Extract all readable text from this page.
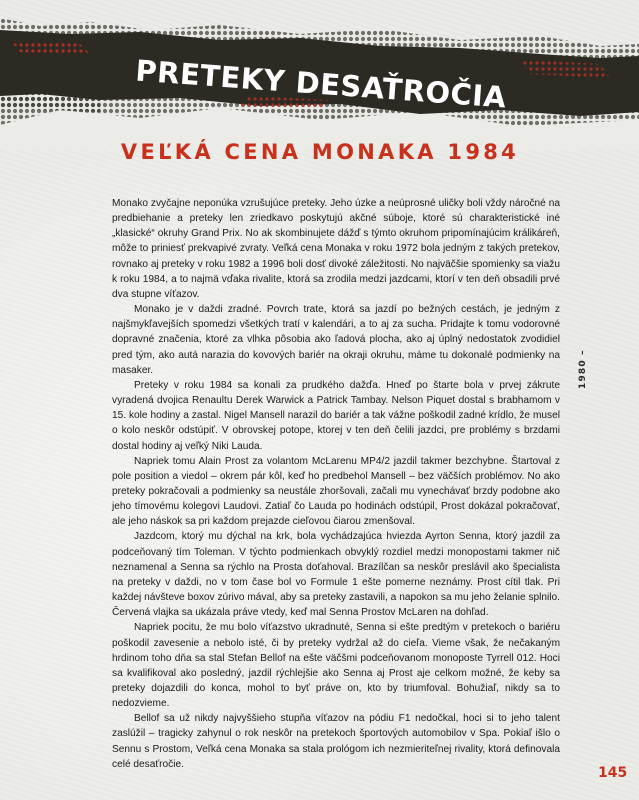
PRETEKY DESAŤROČIA
VEĽKÁ CENA MONAKA 1984

Monako zvyčajne neponúka vzrušujúce preteky. Jeho úzke a neúprosné uličky boli vždy náročné na predbiehanie a preteky len zriedkavo poskytujú akčné súboje, ktoré sú charakteristické iné „klasické“ okruhy Grand Prix. No ak skombinujete dážď s týmto okruhom pripomínajúcim králikáreň, môže to priniesť prekvapivé zvraty. Veľká cena Monaka v roku 1972 bola jedným z takých pretekov, rovnako aj preteky v roku 1982 a 1996 boli dosť divoké záležitosti. No najväčšie spomienky sa viažu k roku 1984, a to najmä vďaka rivalite, ktorá sa zrodila medzi jazdcami, ktorí v ten deň obsadili prvé dva stupne víťazov.

Monako je v daždi zradné. Povrch trate, ktorá sa jazdí po bežných cestách, je jedným z najšmykľavejších spomedzi všetkých tratí v kalendári, a to aj za sucha. Pridajte k tomu vodorovné dopravné značenia, ktoré za vlhka pôsobia ako ľadová plocha, ako aj úplný nedostatok zvodidiel pred tým, ako autá narazia do kovových bariér na okraji okruhu, máme tu dokonalé podmienky na masaker.

Preteky v roku 1984 sa konali za prudkého dažďa. Hneď po štarte bola v prvej zákrute vyradená dvojica Renaultu Derek Warwick a Patrick Tambay. Nelson Piquet dostal s brabhamom v 15. kole hodiny a zastal. Nigel Mansell narazil do bariér a tak vážne poškodil zadné krídlo, že musel o kolo neskôr odstúpiť. V obrovskej potope, ktorej v ten deň čelili jazdci, pre problémy s brzdami dostal hodiny aj veľký Niki Lauda.

Napriek tomu Alain Prost za volantom McLarenu MP4/2 jazdil takmer bezchybne. Štartoval z pole position a viedol – okrem pár kôl, keď ho predbehol Mansell – bez väčších problémov. No ako preteky pokračovali a podmienky sa neustále zhoršovali, začali mu vynechávať brzdy podobne ako jeho tímovému kolegovi Laudovi. Zatiaľ čo Lauda po hodinách odstúpil, Prost dokázal pokračovať, ale jeho náskok sa pri každom prejazde cieľovou čiarou zmenšoval.

Jazdcom, ktorý mu dýchal na krk, bola vychádzajúca hviezda Ayrton Senna, ktorý jazdil za podceňovaný tím Toleman. V týchto podmienkach obvyklý rozdiel medzi monopostami takmer nič neznamenal a Senna sa rýchlo na Prosta doťahoval. Brazílčan sa neskôr preslávil ako špecialista na preteky v daždi, no v tom čase bol vo Formule 1 ešte pomerne neznámy. Prost cítil tlak. Pri každej návšteve boxov zúrivo mával, aby sa preteky zastavili, a napokon sa mu jeho želanie splnilo. Červená vlajka sa ukázala práve vtedy, keď mal Senna Prostov McLaren na dohľad.

Napriek pocitu, že mu bolo víťazstvo ukradnuté, Senna si ešte predtým v pretekoch o bariéru poškodil zavesenie a nebolo isté, či by preteky vydržal až do cieľa. Vieme však, že nečakaným hrdinom toho dňa sa stal Stefan Bellof na ešte väčšmi podceňovanom monoposte Tyrrell 012. Hoci sa kvalifikoval ako posledný, jazdil rýchlejšie ako Senna aj Prost aje celkom možné, že keby sa preteky dojazdili do konca, mohol to byť práve on, kto by triumfoval. Bohužiaľ, nikdy sa to nedozvieme.

Bellof sa už nikdy najvyššieho stupňa víťazov na pódiu F1 nedočkal, hoci si to jeho talent zaslúžil – tragicky zahynul o rok neskôr na pretekoch športových automobilov v Spa. Pokiaľ išlo o Sennu s Prostom, Veľká cena Monaka sa stala prológom ich nezmieriteľnej rivality, ktorá definovala celé desaťročie.

1980 –
145
